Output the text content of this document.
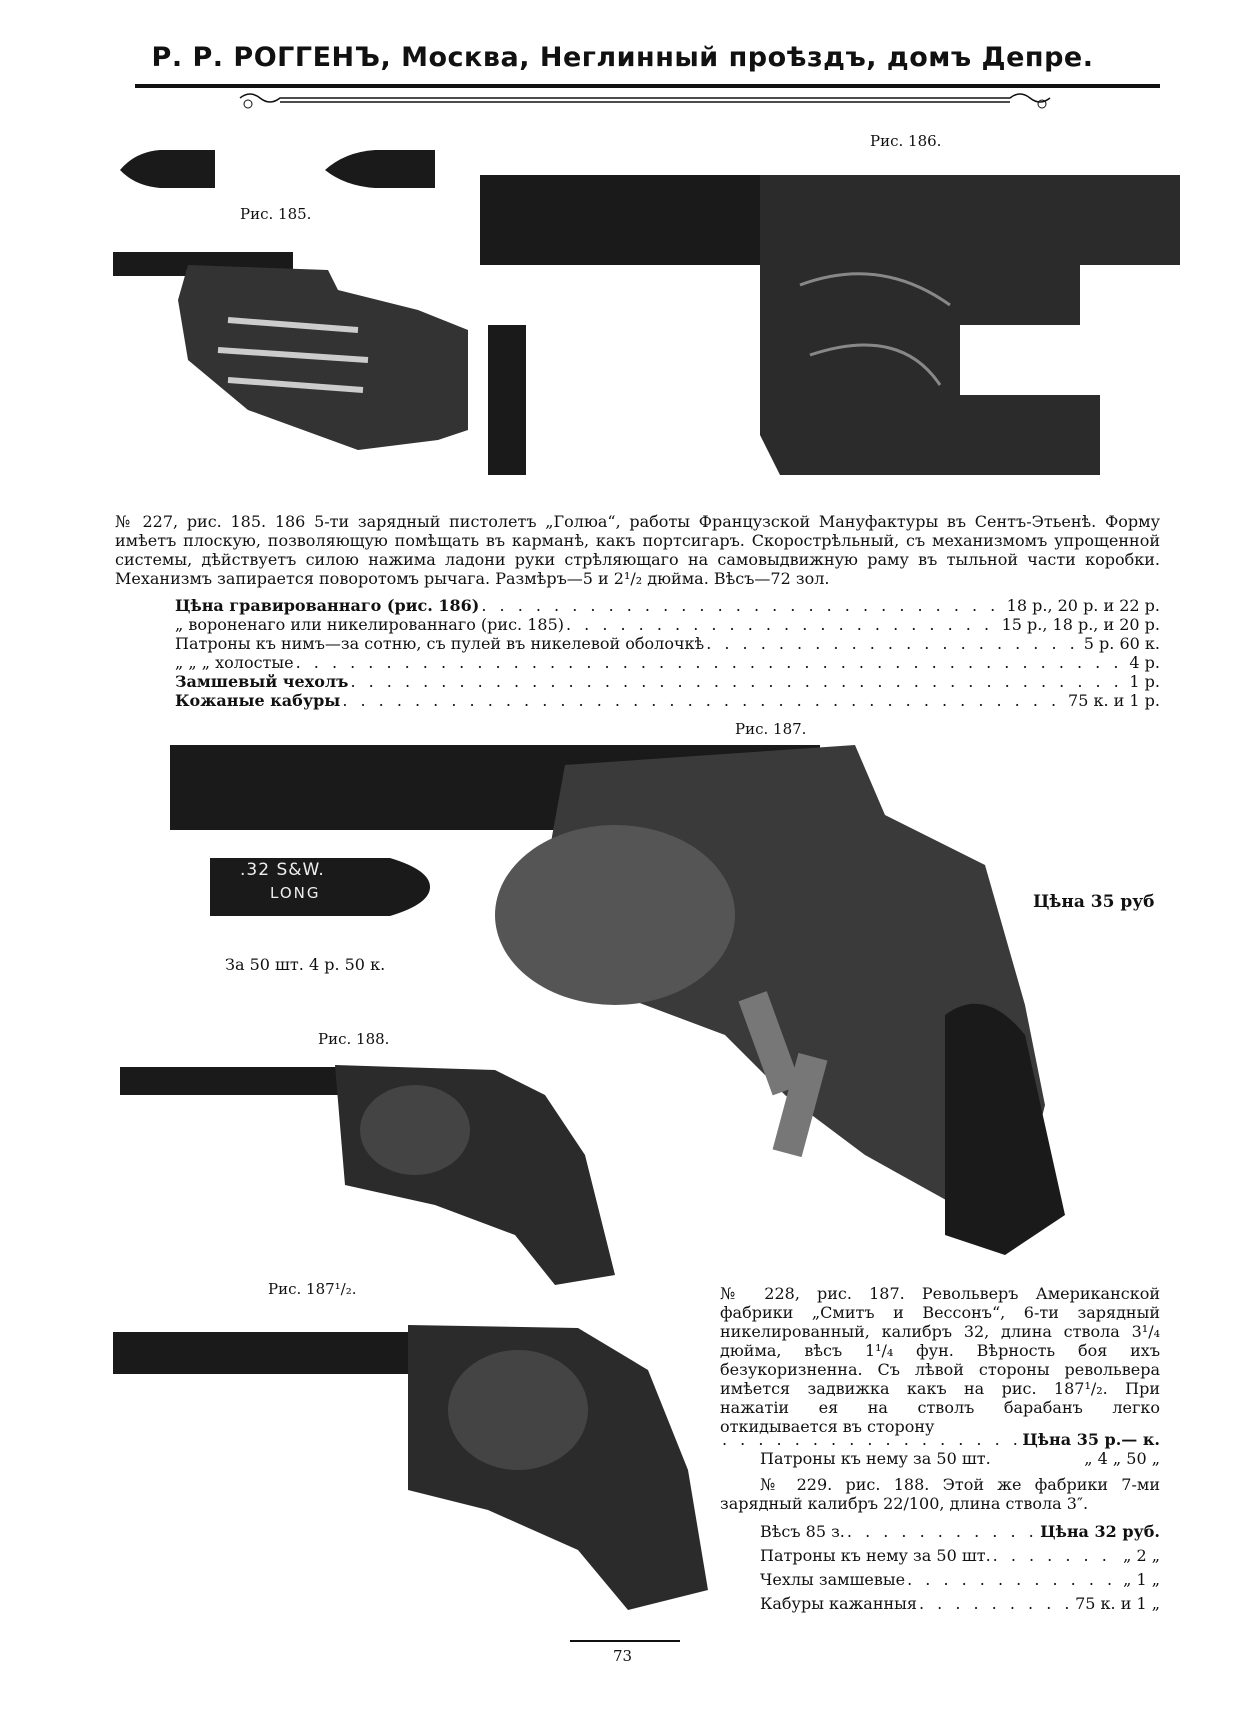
Р. Р. РОГГЕНЪ, Москва, Неглинный проѣздъ, домъ Депре.
Рис. 185.
Рис. 186.
№ 227, рис. 185. 186 5-ти зарядный пистолетъ „Голюа“, работы Французской Мануфактуры въ Сентъ-Этьенѣ. Форму имѣетъ плоскую, позволяющую помѣщать въ карманѣ, какъ портсигаръ. Скорострѣльный, съ механизмомъ упрощенной системы, дѣйствуетъ силою нажима ладони руки стрѣляющаго на самовыдвижную раму въ тыльной части коробки. Механизмъ запирается поворотомъ рычага. Размѣръ—5 и 2¹/₂ дюйма. Вѣсъ—72 зол.
Цѣна гравированнаго (рис. 186) . . .	18 р., 20 р. и 22 р.
„ вороненаго или никелированнаго (рис. 185) . . .	15 р., 18 р., и 20 р.
Патроны къ нимъ—за сотню, съ пулей въ никелевой оболочкѣ . . .	5 р. 60 к.
„ „ „ холостые . . .	4 р.
Замшевый чехолъ . . .	1 р.
Кожаные кабуры . . .	75 к. и 1 р.
Рис. 187.
.32 S&W.
LONG
За 50 шт. 4 р. 50 к.
Цѣна 35 руб
Рис. 188.
Рис. 187¹/₂.	№ 228, рис. 187. Револьверъ Американской фабрики „Смитъ и Вессонъ“, 6-ти зарядный никелированный, калибръ 32, длина ствола 3¹/₄ дюйма, вѣсъ 1¹/₄ фун. Вѣрность боя ихъ безукоризненна. Съ лѣвой стороны револьвера имѣется задвижка какъ на рис. 187¹/₂. При нажатіи ея на стволъ барабанъ легко откидывается въ сторону
. . .
Цѣна 35 р.— к.
Патроны къ нему за 50 шт.	„ 4 „ 50 „
№ 229. рис. 188. Этой же фабрики 7-ми зарядный калибръ 22/100, длина ствола 3″.
Вѣсъ 85 з. . . .	Цѣна 32 руб.
Патроны къ нему за 50 шт. . . .	„ 2 „
Чехлы замшевые . . .	„ 1 „
Кабуры кажанныя . . .	75 к. и 1 „
73
